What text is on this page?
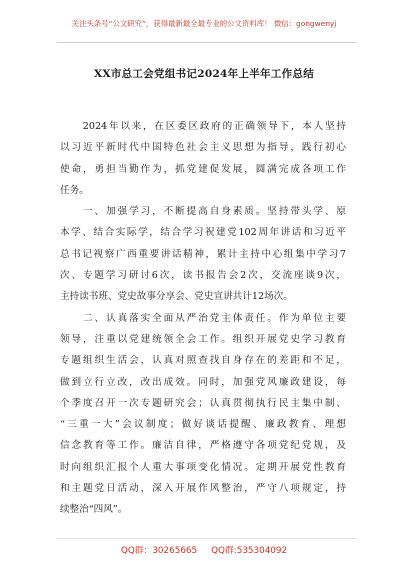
关注头条号“公文研究”，获得最新最全最专业的公文资料库！ 微信：gongwenyj
XX市总工会党组书记2024年上半年工作总结

　　2024年以来，在区委区政府的正确领导下，本人坚持
以习近平新时代中国特色社会主义思想为指导，践行初心
使命，勇担当勤作为，抓党建促发展，圆满完成各项工作
任务。

　　一、加强学习，不断提高自身素质。坚持带头学、原
本学、结合实际学，结合学习祝建党102周年讲话和习近平
总书记视察广西重要讲话精神，累计主持中心组集中学习7
次、专题学习研讨6次，读书报告会2次，交流座谈9次，
主持读书班、党史故事分享会、党史宣讲共计12场次。

　　二、认真落实全面从严治党主体责任。作为单位主要
领导，注重以党建统领全会工作。组织开展党史学习教育
专题组织生活会，认真对照查找自身存在的差距和不足，
做到立行立改，改出成效。同时，加强党风廉政建设，每
个季度召开一次专题研究会；认真贯彻执行民主集中制、
“三重一大”会议制度；做好谈话提醒、廉政教育、理想
信念教育等工作。廉洁自律，严格遵守各项党纪党规，及
时向组织汇报个人重大事项变化情况。定期开展党性教育
和主题党日活动，深入开展作风整治，严守八项规定，持
续整治“四风”。

QQ群：30265665 QQ群:535304092
